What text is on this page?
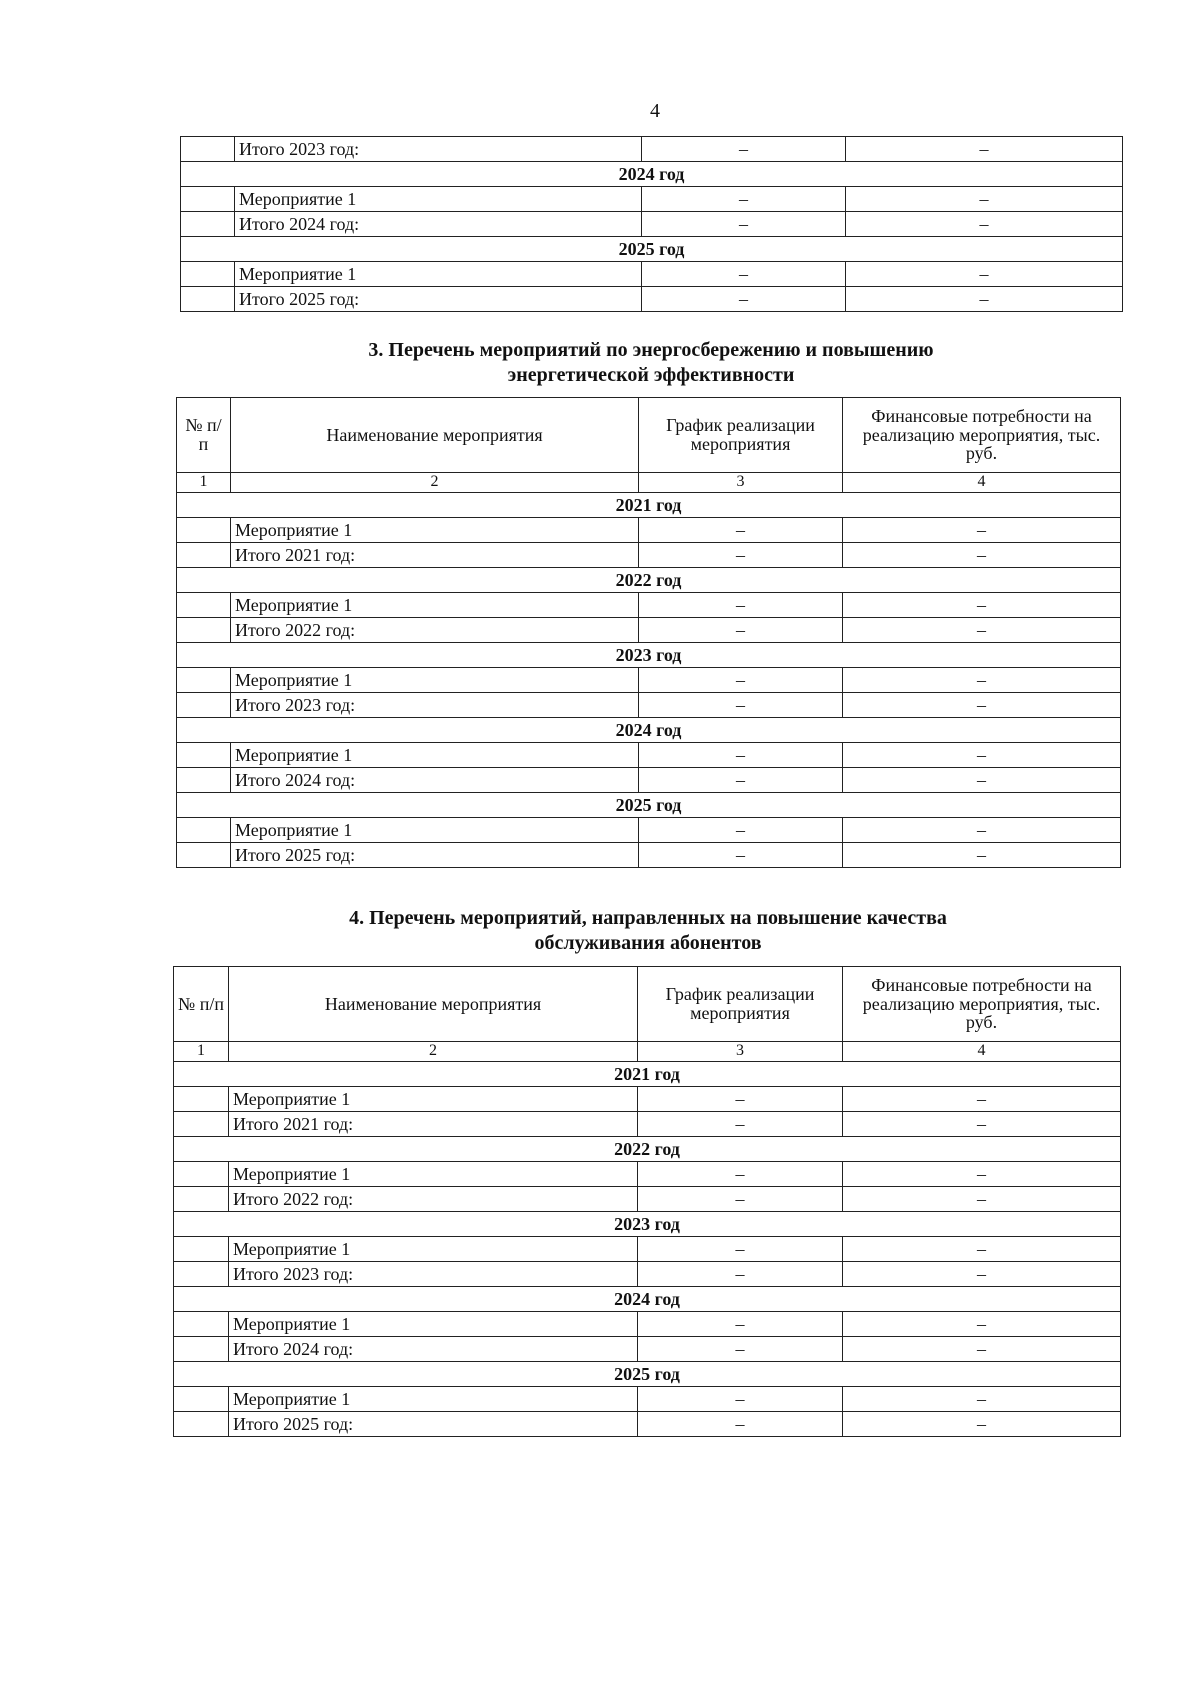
4
	Итого 2023 год:	–	–
2024 год			
	Мероприятие 1	–	–
	Итого 2024 год:	–	–
2025 год			
	Мероприятие 1	–	–
	Итого 2025 год:	–	–
3. Перечень мероприятий по энергосбережению и повышению
энергетической эффективности
№ п/п	Наименование мероприятия	График реализации мероприятия	Финансовые потребности на реализацию мероприятия, тыс. руб.
1	2	3	4
2021 год			
	Мероприятие 1	–	–
	Итого 2021 год:	–	–
2022 год			
	Мероприятие 1	–	–
	Итого 2022 год:	–	–
2023 год			
	Мероприятие 1	–	–
	Итого 2023 год:	–	–
2024 год			
	Мероприятие 1	–	–
	Итого 2024 год:	–	–
2025 год			
	Мероприятие 1	–	–
	Итого 2025 год:	–	–
4. Перечень мероприятий, направленных на повышение качества
обслуживания абонентов
№ п/п	Наименование мероприятия	График реализации мероприятия	Финансовые потребности на реализацию мероприятия, тыс. руб.
1	2	3	4
2021 год			
	Мероприятие 1	–	–
	Итого 2021 год:	–	–
2022 год			
	Мероприятие 1	–	–
	Итого 2022 год:	–	–
2023 год			
	Мероприятие 1	–	–
	Итого 2023 год:	–	–
2024 год			
	Мероприятие 1	–	–
	Итого 2024 год:	–	–
2025 год			
	Мероприятие 1	–	–
	Итого 2025 год:	–	–
